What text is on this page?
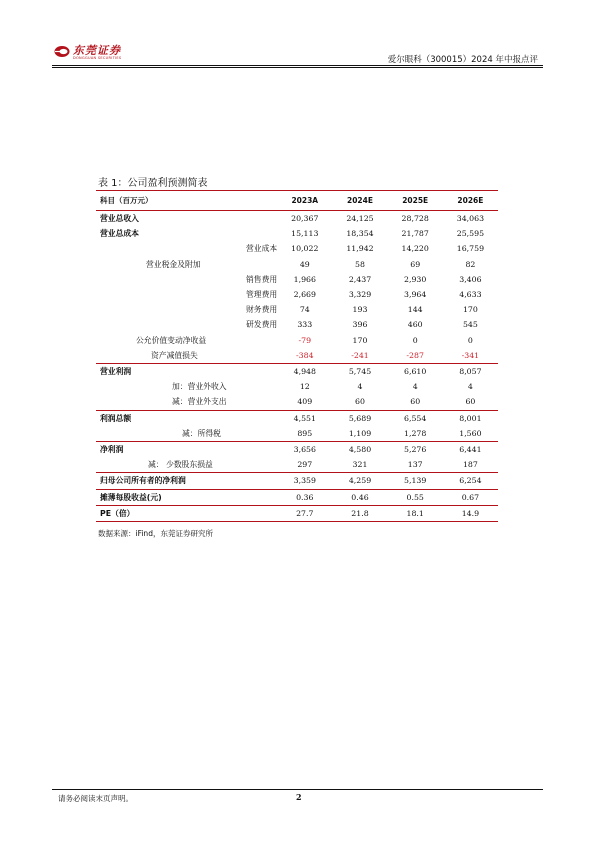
东莞证券
DONGGUAN SECURITIES	爱尔眼科（300015）2024 年中报点评
表 1：公司盈利预测简表
科目（百万元）	2023A	2024E	2025E	2026E
营业总收入	20,367	24,125	28,728	34,063
营业总成本	15,113	18,354	21,787	25,595
营业成本	10,022	11,942	14,220	16,759
营业税金及附加	49	58	69	82
销售费用	1,966	2,437	2,930	3,406
管理费用	2,669	3,329	3,964	4,633
财务费用	74	193	144	170
研发费用	333	396	460	545
公允价值变动净收益	-79	170	0	0
资产减值损失	-384	-241	-287	-341
营业利润	4,948	5,745	6,610	8,057
加：营业外收入	12	4	4	4
减：营业外支出	409	60	60	60
利润总额	4,551	5,689	6,554	8,001
减：所得税	895	1,109	1,278	1,560
净利润	3,656	4,580	5,276	6,441
减： 少数股东损益	297	321	137	187
归母公司所有者的净利润	3,359	4,259	5,139	6,254
摊薄每股收益(元)	0.36	0.46	0.55	0.67
PE（倍）	27.7	21.8	18.1	14.9
数据来源：iFind，东莞证券研究所
请务必阅读末页声明。	2
